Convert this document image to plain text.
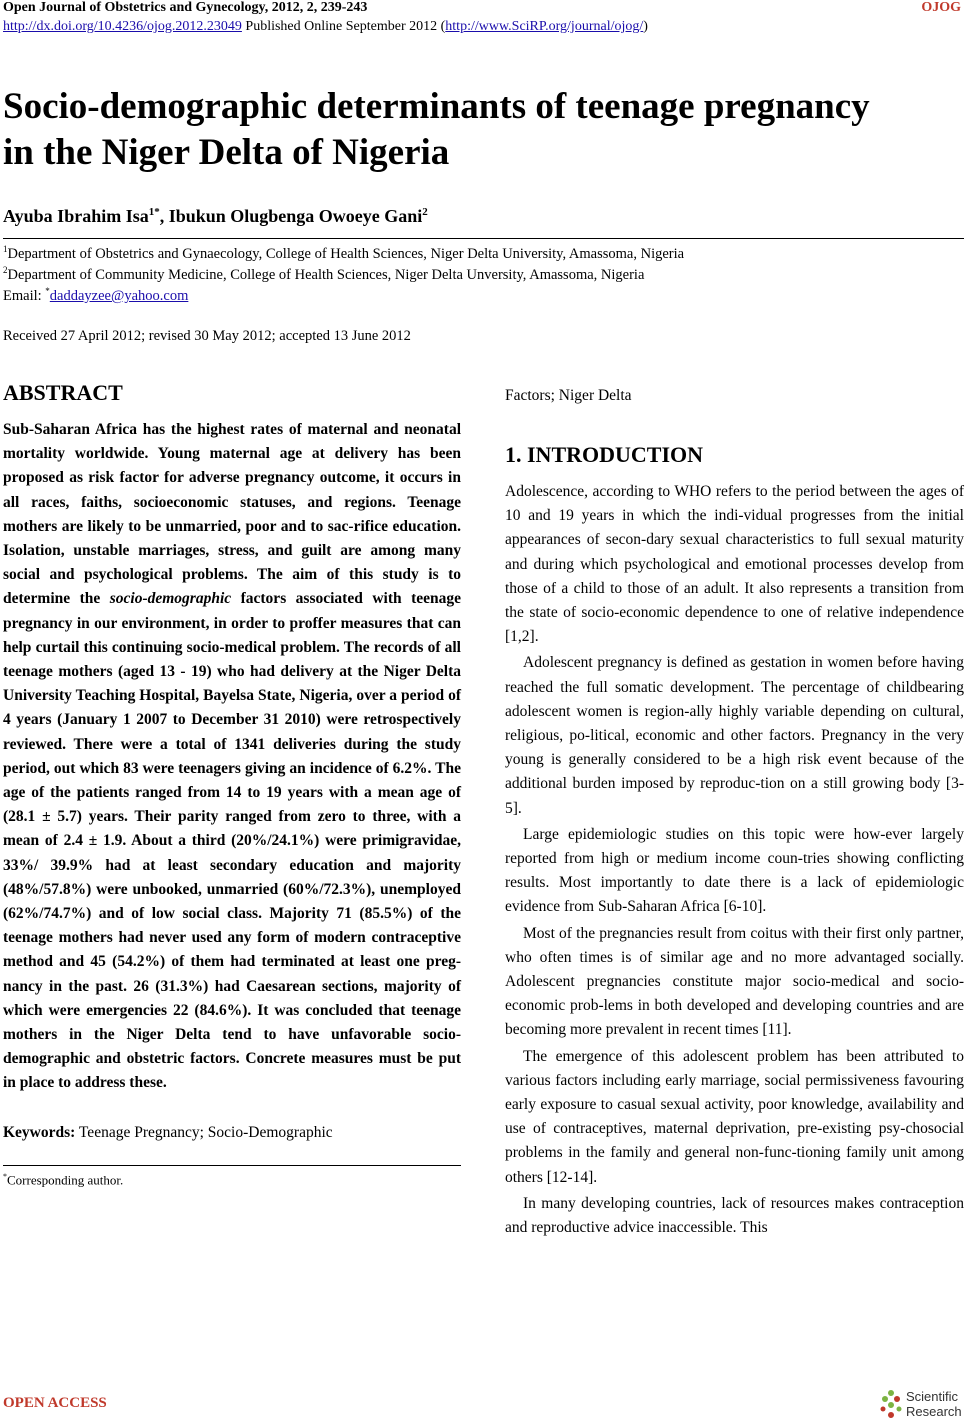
Open Journal of Obstetrics and Gynecology, 2012, 2, 239-243	OJOG
http://dx.doi.org/10.4236/ojog.2012.23049 Published Online September 2012 (http://www.SciRP.org/journal/ojog/)
Socio-demographic determinants of teenage pregnancy
in the Niger Delta of Nigeria
Ayuba Ibrahim Isa$^{1*}$, Ibukun Olugbenga Owoeye Gani$^2$
$^1$Department of Obstetrics and Gynaecology, College of Health Sciences, Niger Delta University, Amassoma, Nigeria
$^2$Department of Community Medicine, College of Health Sciences, Niger Delta Unversity, Amassoma, Nigeria
Email: *daddayzee@yahoo.com
Received 27 April 2012; revised 30 May 2012; accepted 13 June 2012
ABSTRACT

Sub-Saharan Africa has the highest rates of maternal and neonatal mortality worldwide. Young maternal age at delivery has been proposed as risk factor for adverse pregnancy outcome, it occurs in all races, faiths, socioeconomic statuses, and regions. Teenage mothers are likely to be unmarried, poor and to sac-rifice education. Isolation, unstable marriages, stress, and guilt are among many social and psychological problems. The aim of this study is to determine the socio-demographic factors associated with teenage pregnancy in our environment, in order to proffer measures that can help curtail this continuing socio-medical problem. The records of all teenage mothers (aged 13 - 19) who had delivery at the Niger Delta University Teaching Hospital, Bayelsa State, Nigeria, over a period of 4 years (January 1 2007 to December 31 2010) were retrospectively reviewed. There were a total of 1341 deliveries during the study period, out which 83 were teenagers giving an incidence of 6.2%. The age of the patients ranged from 14 to 19 years with a mean age of (28.1 ± 5.7) years. Their parity ranged from zero to three, with a mean of 2.4 ± 1.9. About a third (20%/24.1%) were primigravidae, 33%/ 39.9% had at least secondary education and majority (48%/57.8%) were unbooked, unmarried (60%/72.3%), unemployed (62%/74.7%) and of low social class. Majority 71 (85.5%) of the teenage mothers had never used any form of modern contraceptive method and 45 (54.2%) of them had terminated at least one preg-nancy in the past. 26 (31.3%) had Caesarean sections, majority of which were emergencies 22 (84.6%). It was concluded that teenage mothers in the Niger Delta tend to have unfavorable socio-demographic and obstetric factors. Concrete measures must be put in place to address these.

Keywords: Teenage Pregnancy; Socio-Demographic

*Corresponding author.

Factors; Niger Delta

1. INTRODUCTION

Adolescence, according to WHO refers to the period between the ages of 10 and 19 years in which the indi-vidual progresses from the initial appearances of secon-dary sexual characteristics to full sexual maturity and during which psychological and emotional processes develop from those of a child to those of an adult. It also represents a transition from the state of socio-economic dependence to one of relative independence [1,2].

Adolescent pregnancy is defined as gestation in women before having reached the full somatic development. The percentage of childbearing adolescent women is region-ally highly variable depending on cultural, religious, po-litical, economic and other factors. Pregnancy in the very young is generally considered to be a high risk event because of the additional burden imposed by reproduc-tion on a still growing body [3-5].

Large epidemiologic studies on this topic were how-ever largely reported from high or medium income coun-tries showing conflicting results. Most importantly to date there is a lack of epidemiologic evidence from Sub-Saharan Africa [6-10].

Most of the pregnancies result from coitus with their first only partner, who often times is of similar age and no more advantaged socially. Adolescent pregnancies constitute major socio-medical and socio-economic prob-lems in both developed and developing countries and are becoming more prevalent in recent times [11].

The emergence of this adolescent problem has been attributed to various factors including early marriage, social permissiveness favouring early exposure to casual sexual activity, poor knowledge, availability and use of contraceptives, maternal deprivation, pre-existing psy-chosocial problems in the family and general non-func-tioning family unit among others [12-14].

In many developing countries, lack of resources makes contraception and reproductive advice inaccessible. This

OPEN ACCESS	Scientific
Research
